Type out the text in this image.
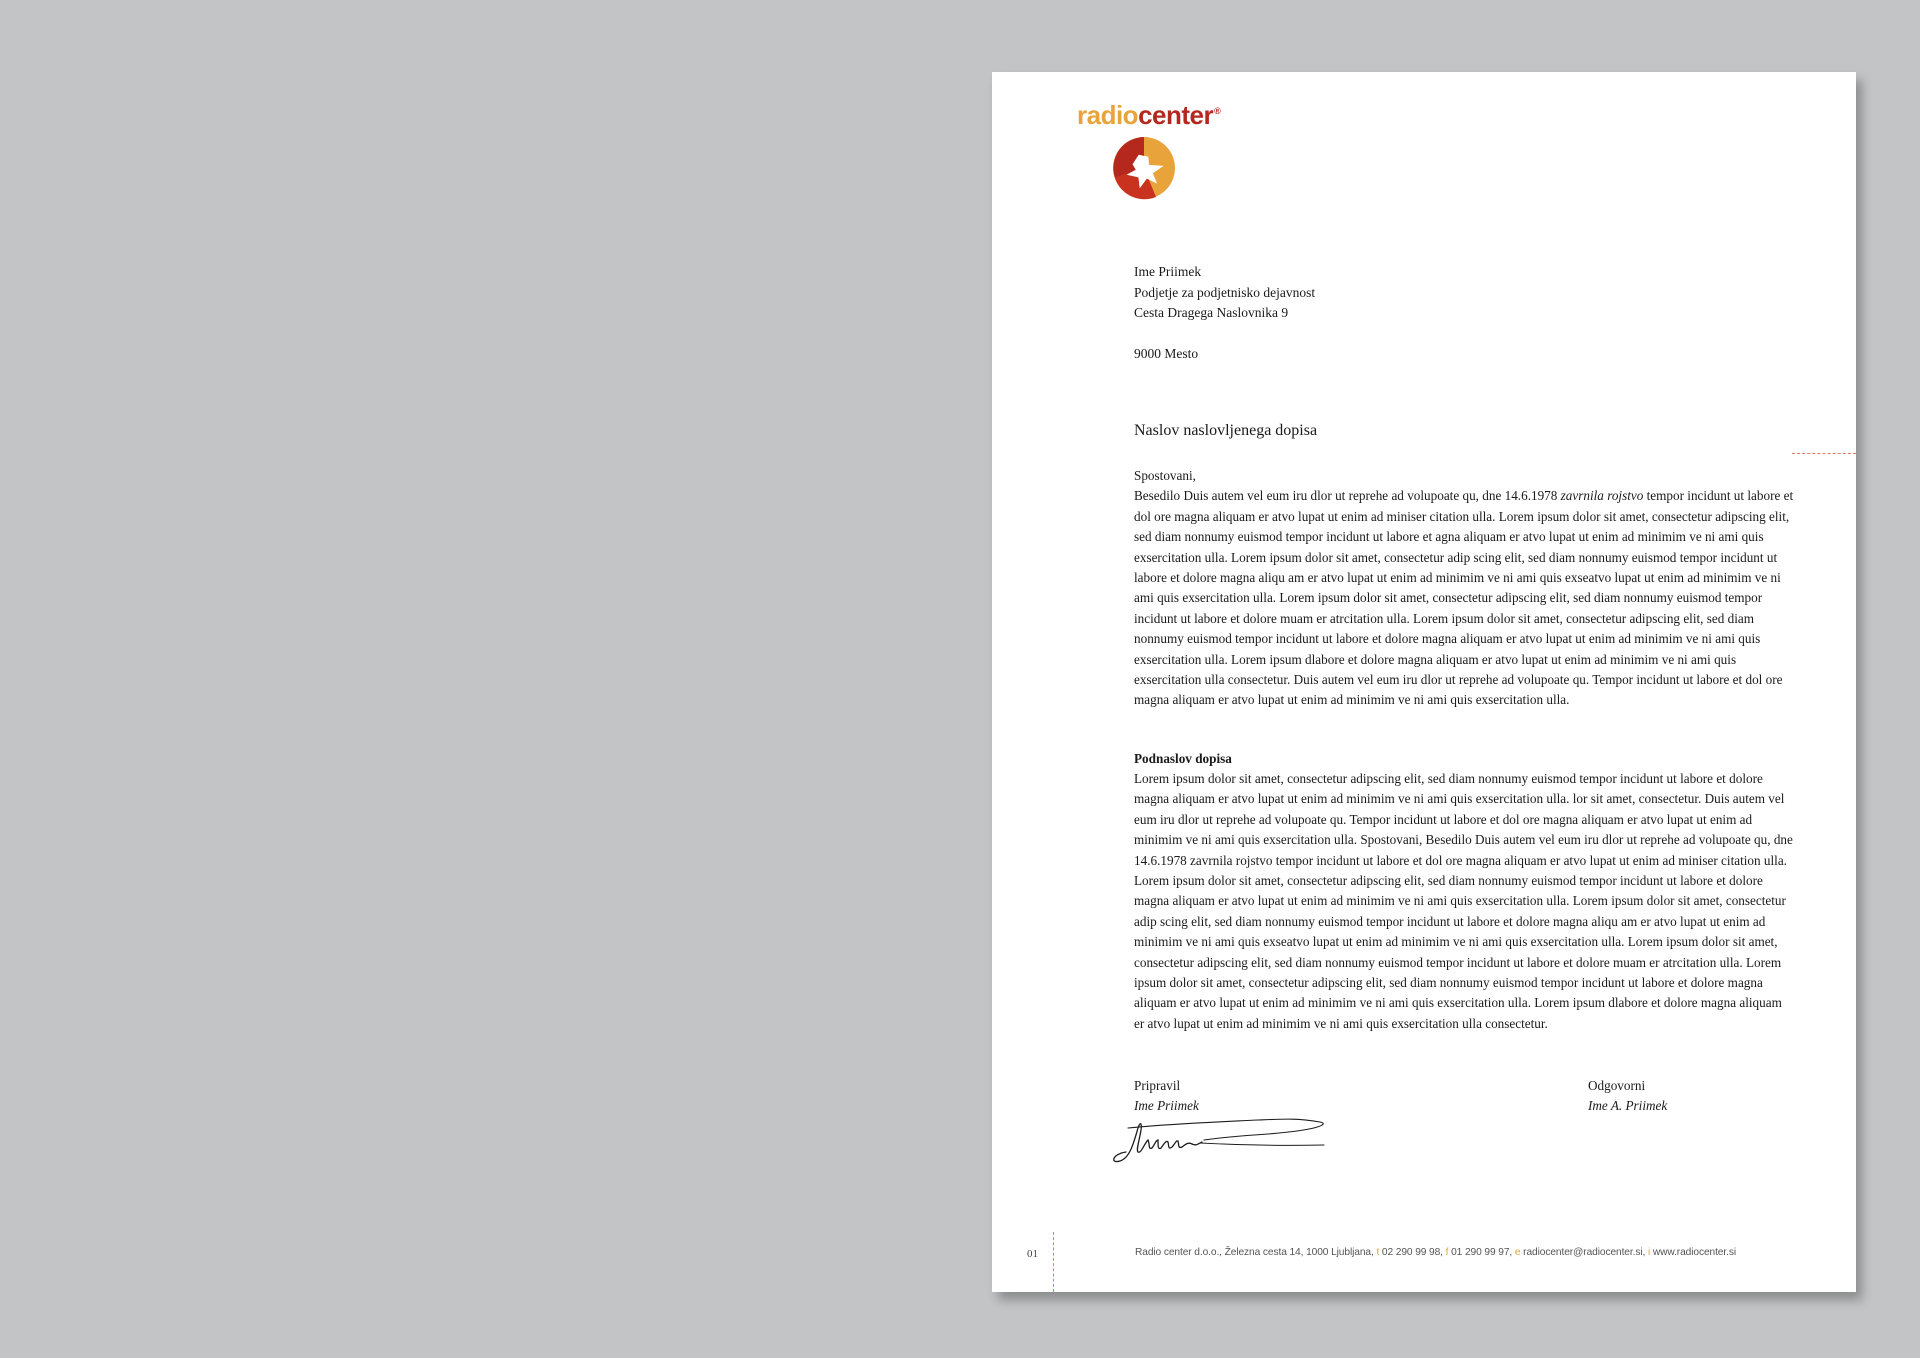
radiocenter®
Ime Priimek
Podjetje za podjetnisko dejavnost
Cesta Dragega Naslovnika 9
9000 Mesto
Naslov naslovljenega dopisa

Spostovani,

Besedilo Duis autem vel eum iru dlor ut reprehe ad volupoate qu, dne 14.6.1978 zavrnila rojstvo tempor incidunt ut labore et dol ore magna aliquam er atvo lupat ut enim ad miniser citation ulla. Lorem ipsum dolor sit amet, consectetur adipscing elit, sed diam nonnumy euismod tempor incidunt ut labore et agna aliquam er atvo lupat ut enim ad minimim ve ni ami quis exsercitation ulla. Lorem ipsum dolor sit amet, consectetur adip scing elit, sed diam nonnumy euismod tempor incidunt ut labore et dolore magna aliqu am er atvo lupat ut enim ad minimim ve ni ami quis exseatvo lupat ut enim ad minimim ve ni ami quis exsercitation ulla. Lorem ipsum dolor sit amet, consectetur adipscing elit, sed diam nonnumy euismod tempor incidunt ut labore et dolore muam er atrcitation ulla. Lorem ipsum dolor sit amet, consectetur adipscing elit, sed diam nonnumy euismod tempor incidunt ut labore et dolore magna aliquam er atvo lupat ut enim ad minimim ve ni ami quis exsercitation ulla. Lorem ipsum dlabore et dolore magna aliquam er atvo lupat ut enim ad minimim ve ni ami quis exsercitation ulla consectetur. Duis autem vel eum iru dlor ut reprehe ad volupoate qu. Tempor incidunt ut labore et dol ore magna aliquam er atvo lupat ut enim ad minimim ve ni ami quis exsercitation ulla.

Podnaslov dopisa

Lorem ipsum dolor sit amet, consectetur adipscing elit, sed diam nonnumy euismod tempor incidunt ut labore et dolore magna aliquam er atvo lupat ut enim ad minimim ve ni ami quis exsercitation ulla. lor sit amet, consectetur. Duis autem vel eum iru dlor ut reprehe ad volupoate qu. Tempor incidunt ut labore et dol ore magna aliquam er atvo lupat ut enim ad minimim ve ni ami quis exsercitation ulla. Spostovani, Besedilo Duis autem vel eum iru dlor ut reprehe ad volupoate qu, dne 14.6.1978 zavrnila rojstvo tempor incidunt ut labore et dol ore magna aliquam er atvo lupat ut enim ad miniser citation ulla. Lorem ipsum dolor sit amet, consectetur adipscing elit, sed diam nonnumy euismod tempor incidunt ut labore et dolore magna aliquam er atvo lupat ut enim ad minimim ve ni ami quis exsercitation ulla. Lorem ipsum dolor sit amet, consectetur adip scing elit, sed diam nonnumy euismod tempor incidunt ut labore et dolore magna aliqu am er atvo lupat ut enim ad minimim ve ni ami quis exseatvo lupat ut enim ad minimim ve ni ami quis exsercitation ulla. Lorem ipsum dolor sit amet, consectetur adipscing elit, sed diam nonnumy euismod tempor incidunt ut labore et dolore muam er atrcitation ulla. Lorem ipsum dolor sit amet, consectetur adipscing elit, sed diam nonnumy euismod tempor incidunt ut labore et dolore magna aliquam er atvo lupat ut enim ad minimim ve ni ami quis exsercitation ulla. Lorem ipsum dlabore et dolore magna aliquam er atvo lupat ut enim ad minimim ve ni ami quis exsercitation ulla consectetur.

Pripravil
Ime Priimek
Odgovorni
Ime A. Priimek
01	Radio center d.o.o., Železna cesta 14, 1000 Ljubljana, t 02 290 99 98, f 01 290 99 97, e radiocenter@radiocenter.si, i www.radiocenter.si
